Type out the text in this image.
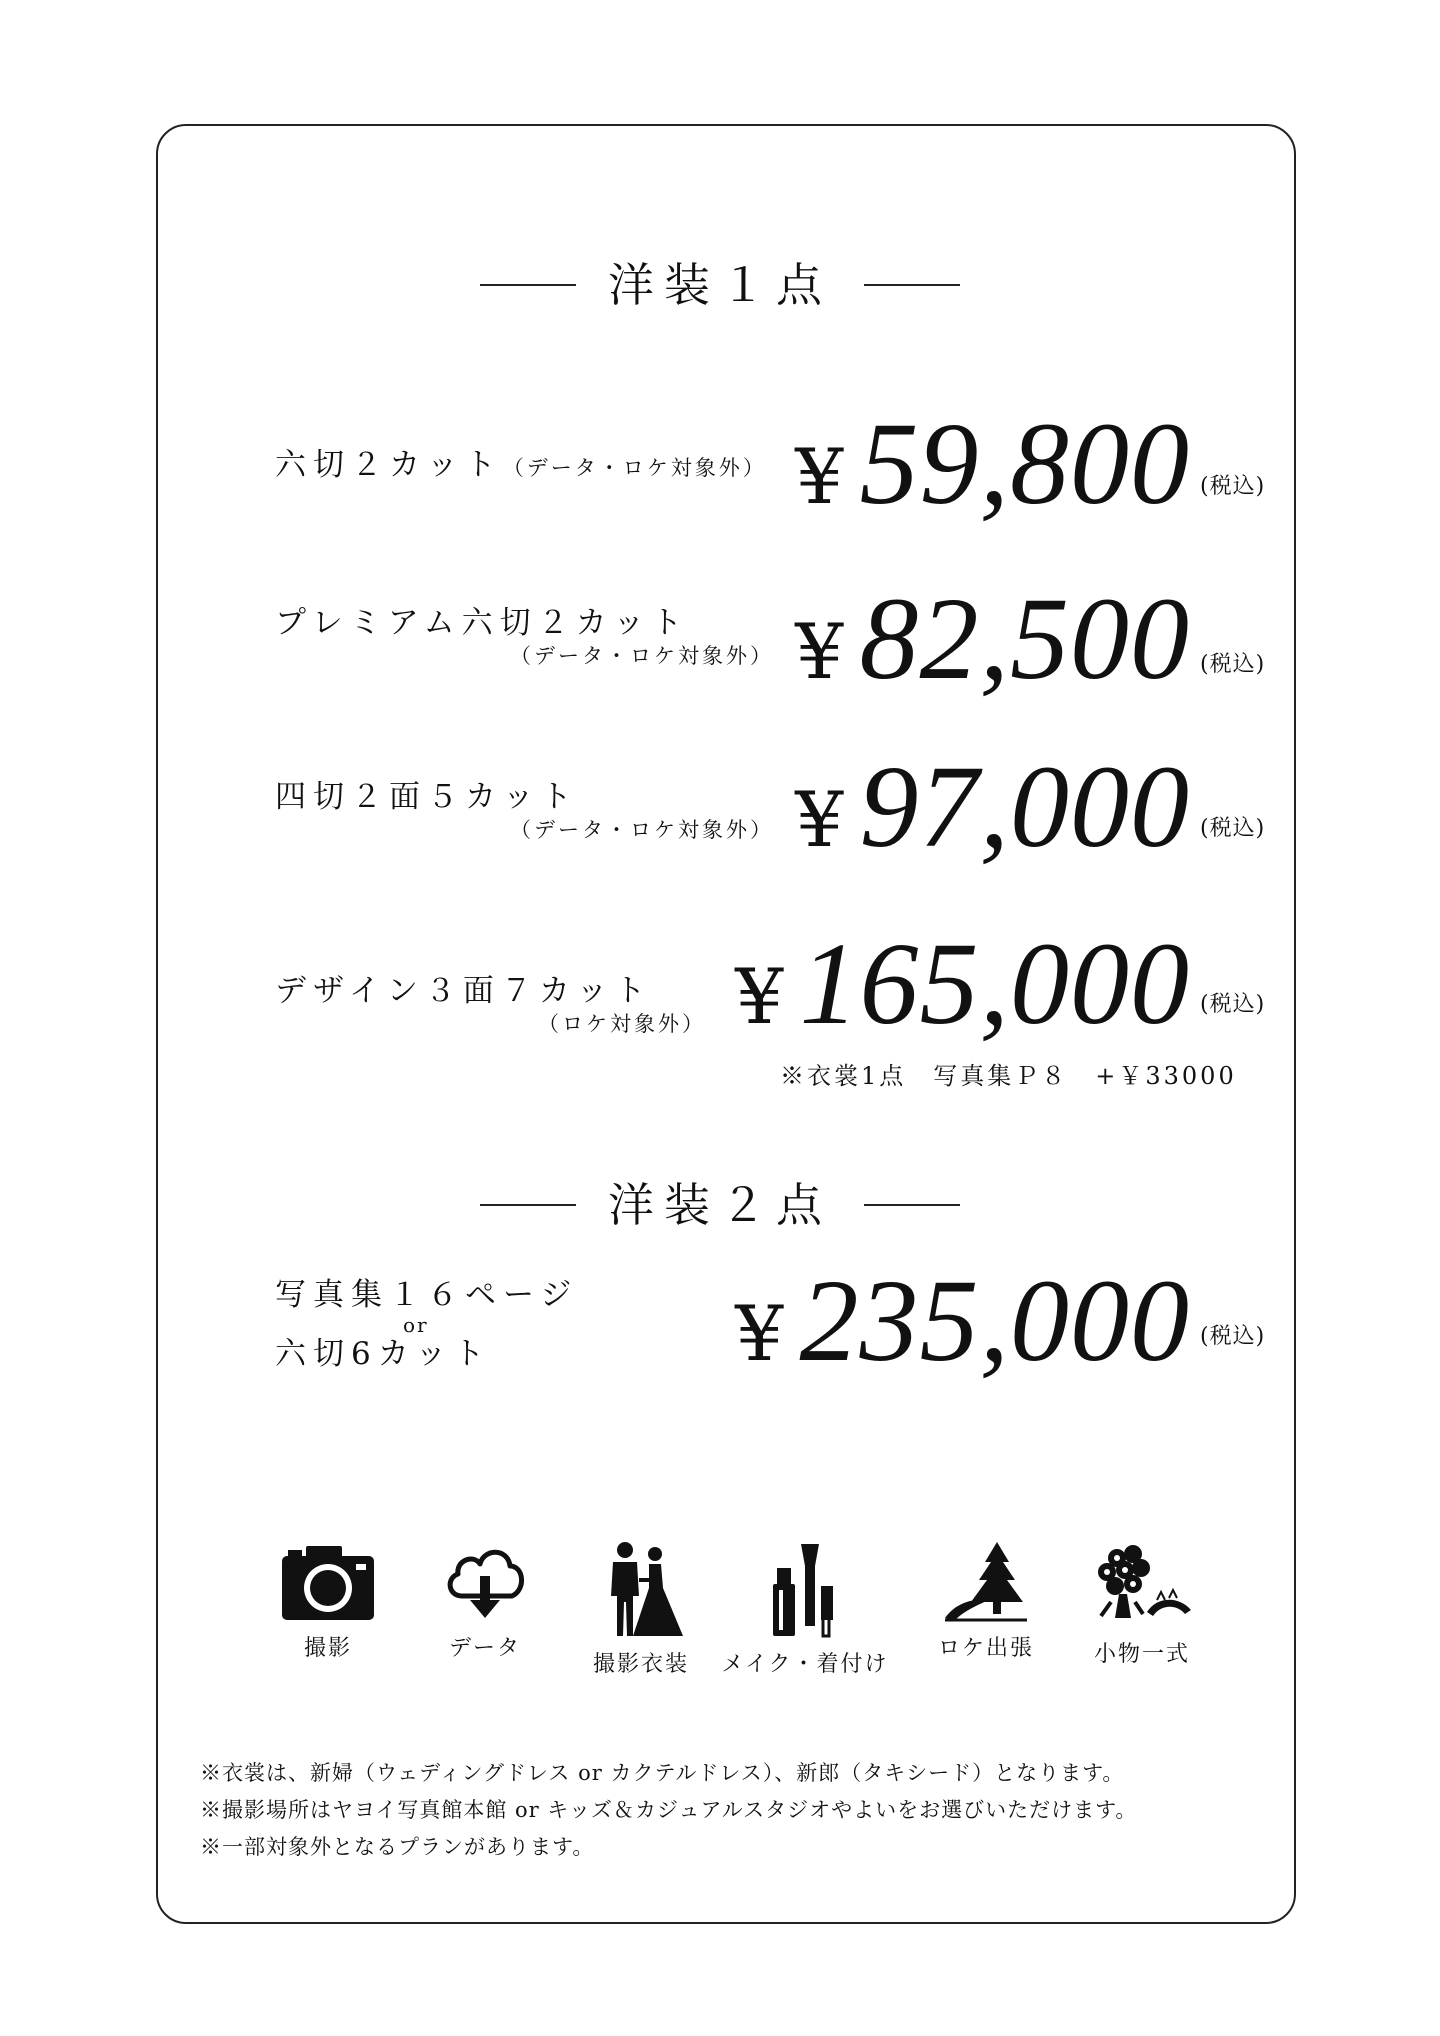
洋装１点
六切２カット（データ・ロケ対象外） ¥ 59,800 (税込)
プレミアム六切２カット
（データ・ロケ対象外） ¥ 82,500 (税込)
四切２面５カット
（データ・ロケ対象外） ¥ 97,000 (税込)
デザイン３面７カット
（ロケ対象外） ¥ 165,000 (税込)
※衣裳1点　写真集Ｐ８　+￥33000
洋装２点
写真集１６ページ
or
六切6カット	¥ 235,000 (税込)
撮影	データ
撮影衣装 メイク・着付け
ロケ出張	小物一式
※衣裳は、新婦（ウェディングドレス or カクテルドレス）、新郎（タキシード）となります。
※撮影場所はヤヨイ写真館本館 or キッズ＆カジュアルスタジオやよいをお選びいただけます。
※一部対象外となるプランがあります。
